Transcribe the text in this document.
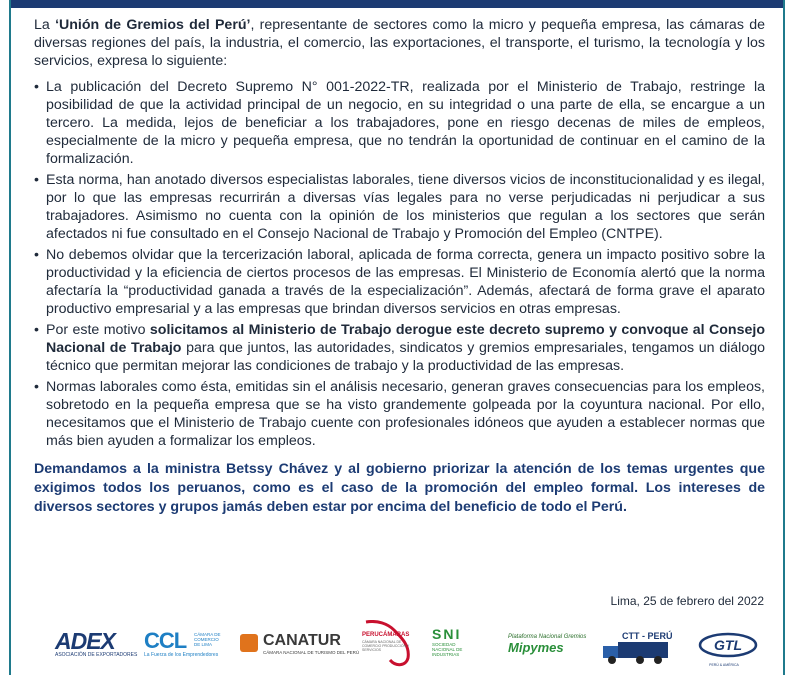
La ‘Unión de Gremios del Perú’, representante de sectores como la micro y pequeña empresa, las cámaras de diversas regiones del país, la industria, el comercio, las exportaciones, el transporte, el turismo, la tecnología y los servicios, expresa lo siguiente:

• La publicación del Decreto Supremo N° 001-2022-TR, realizada por el Ministerio de Trabajo, restringe la posibilidad de que la actividad principal de un negocio, en su integridad o una parte de ella, se encargue a un tercero. La medida, lejos de beneficiar a los trabajadores, pone en riesgo decenas de miles de empleos, especialmente de la micro y pequeña empresa, que no tendrán la oportunidad de continuar en el camino de la formalización.
• Esta norma, han anotado diversos especialistas laborales, tiene diversos vicios de inconstitucionalidad y es ilegal, por lo que las empresas recurrirán a diversas vías legales para no verse perjudicadas ni perjudicar a sus trabajadores. Asimismo no cuenta con la opinión de los ministerios que regulan a los sectores que serán afectados ni fue consultado en el Consejo Nacional de Trabajo y Promoción del Empleo (CNTPE).
• No debemos olvidar que la tercerización laboral, aplicada de forma correcta, genera un impacto positivo sobre la productividad y la eficiencia de ciertos procesos de las empresas. El Ministerio de Economía alertó que la norma afectaría la “productividad ganada a través de la especialización”. Además, afectará de forma grave el aparato productivo empresarial y a las empresas que brindan diversos servicios en otras empresas.
• Por este motivo solicitamos al Ministerio de Trabajo derogue este decreto supremo y convoque al Consejo Nacional de Trabajo para que juntos, las autoridades, sindicatos y gremios empresariales, tengamos un diálogo técnico que permitan mejorar las condiciones de trabajo y la productividad de las empresas.
• Normas laborales como ésta, emitidas sin el análisis necesario, generan graves consecuencias para los empleos, sobretodo en la pequeña empresa que se ha visto grandemente golpeada por la coyuntura nacional. Por ello, necesitamos que el Ministerio de Trabajo cuente con profesionales idóneos que ayuden a establecer normas que más bien ayuden a formalizar los empleos.
Demandamos a la ministra Betssy Chávez y al gobierno priorizar la atención de los temas urgentes que exigimos todos los peruanos, como es el caso de la promoción del empleo formal. Los intereses de diversos sectores y grupos jamás deben estar por encima del beneficio de todo el Perú.
Lima, 25 de febrero del 2022
ADEX
ASOCIACIÓN DE EXPORTADORES
CCL	CÁMARA DE COMERCIO DE LIMA
La Fuerza de los Emprendedores
CANATUR
CÁMARA NACIONAL DE TURISMO DEL PERÚ
PERUCÁMARAS
CÁMARA NACIONAL DE COMERCIO PRODUCCIÓN Y SERVICIOS
SNI
SOCIEDAD NACIONAL DE INDUSTRIAS
Plataforma Nacional Gremios
Mipymes
CTT - PERÚ
GTL
PERÚ & AMÉRICA
